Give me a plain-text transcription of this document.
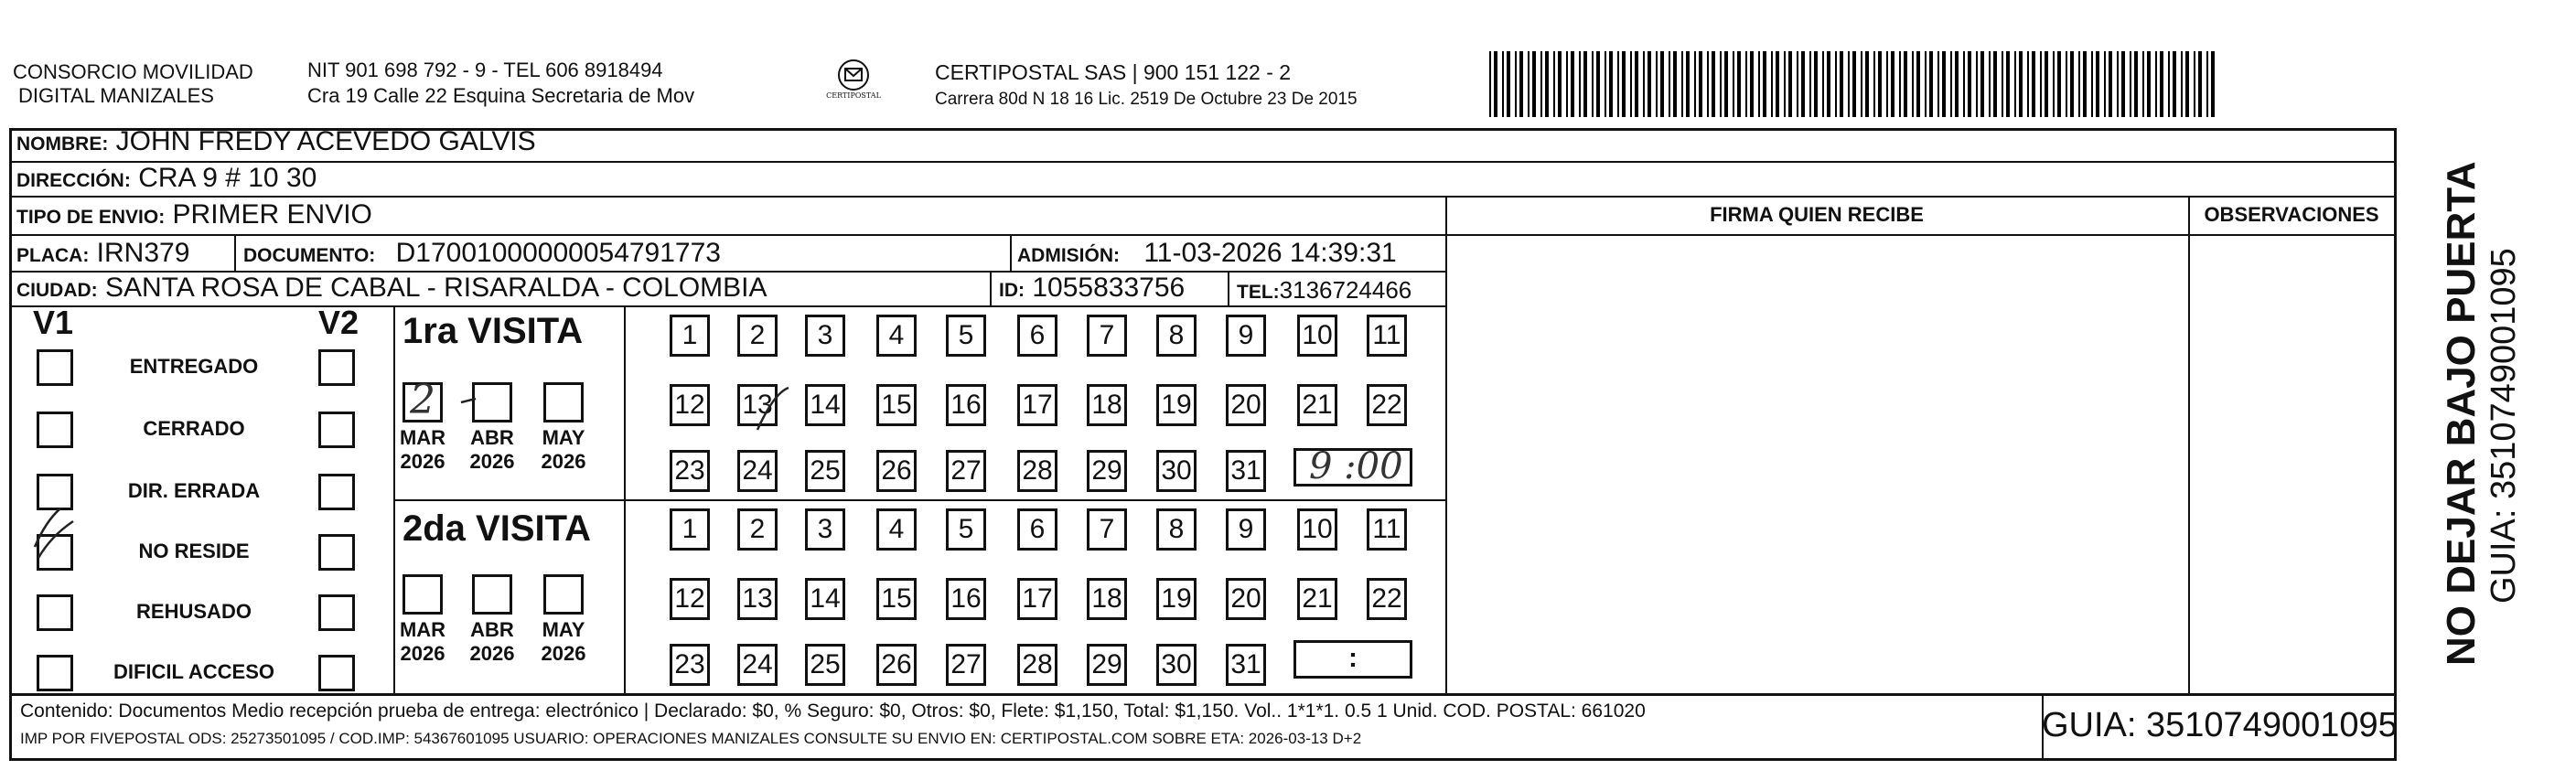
CONSORCIO MOVILIDAD
DIGITAL MANIZALES
NIT 901 698 792 - 9 - TEL 606 8918494
Cra 19 Calle 22 Esquina Secretaria de Mov	CERTIPOSTAL
CERTIPOSTAL SAS | 900 151 122 - 2
Carrera 80d N 18 16 Lic. 2519 De Octubre 23 De 2015
NOMBRE: JOHN FREDY ACEVEDO GALVIS
DIRECCIÓN: CRA 9 # 10 30
TIPO DE ENVIO: PRIMER ENVIO
PLACA: IRN379	DOCUMENTO: D17001000000054791773	ADMISIÓN: 11-03-2026 14:39:31
CIUDAD: SANTA ROSA DE CABAL - RISARALDA - COLOMBIA	ID: 1055833756	TEL:3136724466
FIRMA QUIEN RECIBE	OBSERVACIONES
V1	V2
ENTREGADO
CERRADO
DIR. ERRADA
NO RESIDE
REHUSADO
DIFICIL ACCESO
1ra VISITA
2da VISITA
MAR
2026
ABR
2026
MAY
2026
MAR
2026
ABR
2026
MAY
2026
1	2	3	4	5	6	7	8	9	10 11
12 13 14 15 16 17 18 19 20 21 22
23 24 25 26 27 28 29 30 31
1	2	3	4	5	6	7	8	9	10 11
12 13 14 15 16 17 18 19 20 21 22
23 24 25 26 27 28 29 30 31
2
9 :00
:
Contenido: Documentos Medio recepción prueba de entrega: electrónico | Declarado: $0, % Seguro: $0, Otros: $0, Flete: $1,150, Total: $1,150. Vol.. 1*1*1. 0.5 1 Unid. COD. POSTAL: 661020
IMP POR FIVEPOSTAL ODS: 25273501095 / COD.IMP: 54367601095 USUARIO: OPERACIONES MANIZALES CONSULTE SU ENVIO EN: CERTIPOSTAL.COM SOBRE ETA: 2026-03-13 D+2	GUIA: 3510749001095
NO DEJAR BAJO PUERTA GUIA: 3510749001095
